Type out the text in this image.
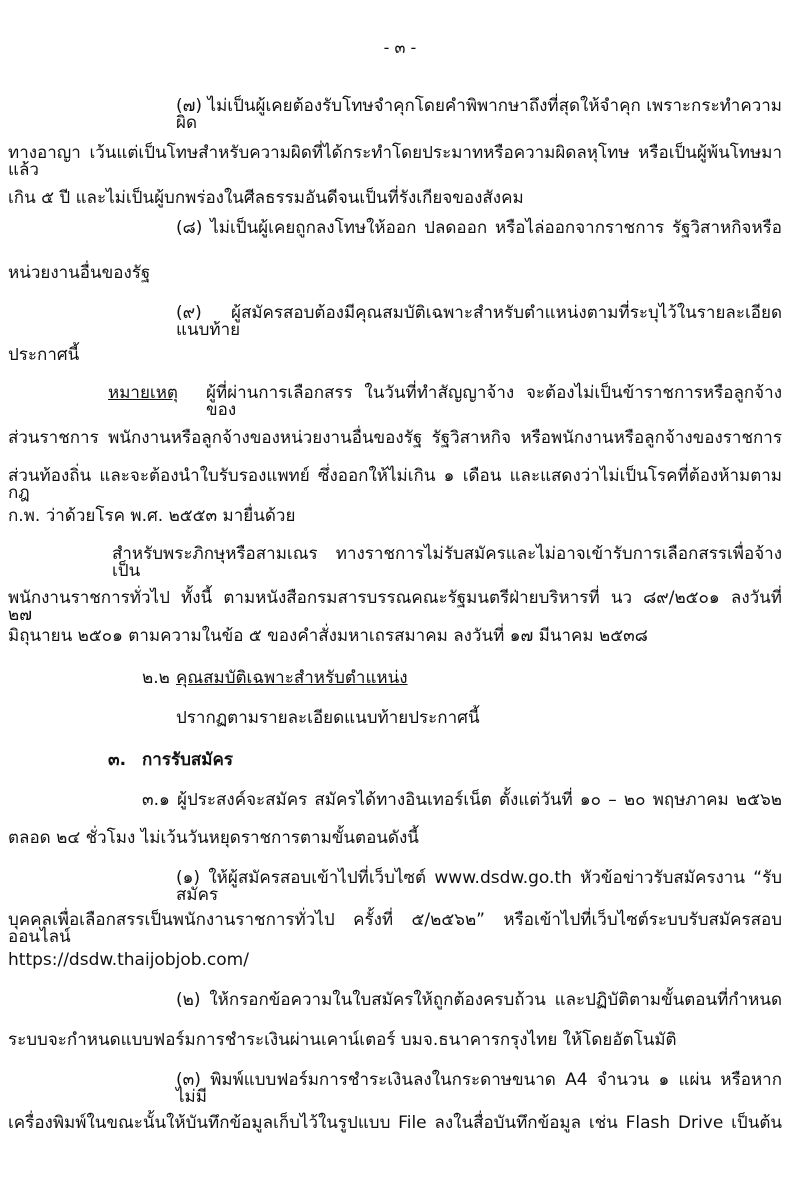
- ๓ -
(๗) ไม่เป็นผู้เคยต้องรับโทษจำคุกโดยคำพิพากษาถึงที่สุดให้จำคุก เพราะกระทำความผิด
ทางอาญา เว้นแต่เป็นโทษสำหรับความผิดที่ได้กระทำโดยประมาทหรือความผิดลหุโทษ หรือเป็นผู้พ้นโทษมาแล้ว
เกิน ๕ ปี และไม่เป็นผู้บกพร่องในศีลธรรมอันดีจนเป็นที่รังเกียจของสังคม
(๘) ไม่เป็นผู้เคยถูกลงโทษให้ออก ปลดออก หรือไล่ออกจากราชการ รัฐวิสาหกิจหรือ
หน่วยงานอื่นของรัฐ
(๙) ผู้สมัครสอบต้องมีคุณสมบัติเฉพาะสำหรับตำแหน่งตามที่ระบุไว้ในรายละเอียดแนบท้าย
ประกาศนี้
ผู้ที่ผ่านการเลือกสรร ในวันที่ทำสัญญาจ้าง จะต้องไม่เป็นข้าราชการหรือลูกจ้างของ
ส่วนราชการ พนักงานหรือลูกจ้างของหน่วยงานอื่นของรัฐ รัฐวิสาหกิจ หรือพนักงานหรือลูกจ้างของราชการ
ส่วนท้องถิ่น และจะต้องนำใบรับรองแพทย์ ซึ่งออกให้ไม่เกิน ๑ เดือน และแสดงว่าไม่เป็นโรคที่ต้องห้ามตามกฎ
ก.พ. ว่าด้วยโรค พ.ศ. ๒๕๕๓ มายื่นด้วย
สำหรับพระภิกษุหรือสามเณร ทางราชการไม่รับสมัครและไม่อาจเข้ารับการเลือกสรรเพื่อจ้างเป็น
พนักงานราชการทั่วไป ทั้งนี้ ตามหนังสือกรมสารบรรณคณะรัฐมนตรีฝ่ายบริหารที่ นว ๘๙/๒๕๐๑ ลงวันที่ ๒๗
มิถุนายน ๒๕๐๑ ตามความในข้อ ๕ ของคำสั่งมหาเถรสมาคม ลงวันที่ ๑๗ มีนาคม ๒๕๓๘
ปรากฏตามรายละเอียดแนบท้ายประกาศนี้
๓.๑ ผู้ประสงค์จะสมัคร สมัครได้ทางอินเทอร์เน็ต ตั้งแต่วันที่ ๑๐ – ๒๐ พฤษภาคม ๒๕๖๒
ตลอด ๒๔ ชั่วโมง ไม่เว้นวันหยุดราชการตามขั้นตอนดังนี้
(๑) ให้ผู้สมัครสอบเข้าไปที่เว็บไซต์ www.dsdw.go.th หัวข้อข่าวรับสมัครงาน “รับสมัคร
บุคคลเพื่อเลือกสรรเป็นพนักงานราชการทั่วไป ครั้งที่ ๕/๒๕๖๒” หรือเข้าไปที่เว็บไซต์ระบบรับสมัครสอบออนไลน์
https://dsdw.thaijobjob.com/
(๒) ให้กรอกข้อความในใบสมัครให้ถูกต้องครบถ้วน และปฏิบัติตามขั้นตอนที่กำหนด
ระบบจะกำหนดแบบฟอร์มการชำระเงินผ่านเคาน์เตอร์ บมจ.ธนาคารกรุงไทย ให้โดยอัตโนมัติ
(๓) พิมพ์แบบฟอร์มการชำระเงินลงในกระดาษขนาด A4 จำนวน ๑ แผ่น หรือหากไม่มี
เครื่องพิมพ์ในขณะนั้นให้บันทึกข้อมูลเก็บไว้ในรูปแบบ File ลงในสื่อบันทึกข้อมูล เช่น Flash Drive เป็นต้น
หมายเหตุ
๒.๒ คุณสมบัติเฉพาะสำหรับตำแหน่ง
๓. การรับสมัคร
